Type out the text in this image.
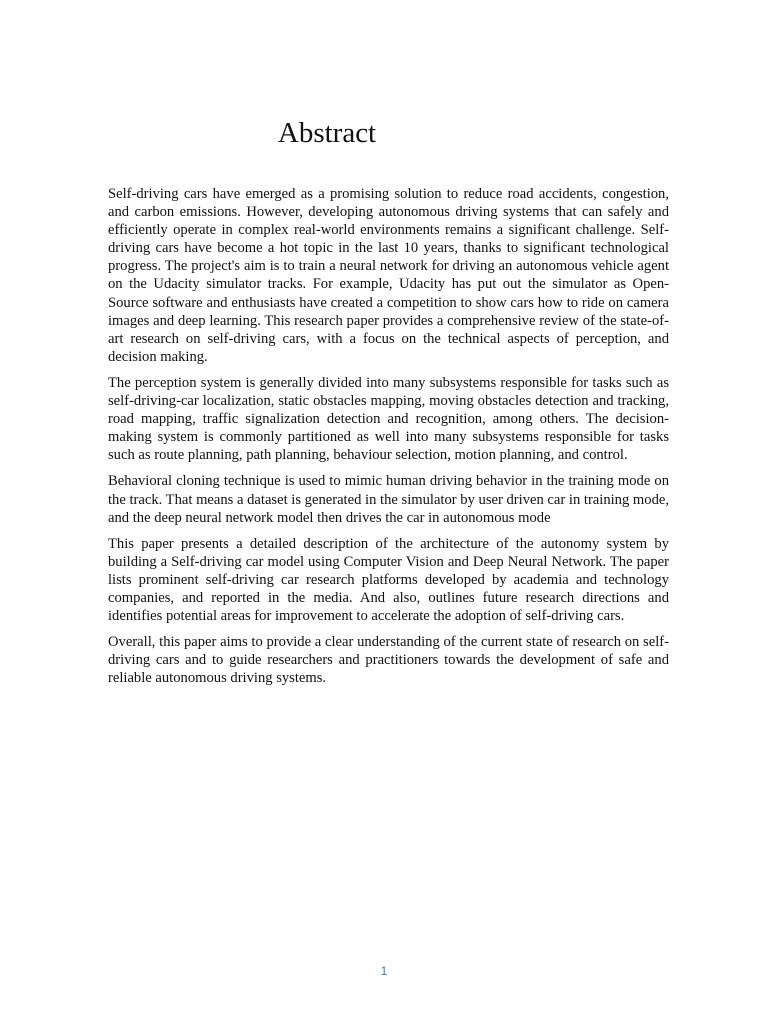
Abstract

Self-driving cars have emerged as a promising solution to reduce road accidents, congestion, and carbon emissions. However, developing autonomous driving systems that can safely and efficiently operate in complex real-world environments remains a significant challenge. Self-driving cars have become a hot topic in the last 10 years, thanks to significant technological progress. The project's aim is to train a neural network for driving an autonomous vehicle agent on the Udacity simulator tracks. For example, Udacity has put out the simulator as Open-Source software and enthusiasts have created a competition to show cars how to ride on camera images and deep learning. This research paper provides a comprehensive review of the state-of-art research on self-driving cars, with a focus on the technical aspects of perception, and decision making.

The perception system is generally divided into many subsystems responsible for tasks such as self-driving-car localization, static obstacles mapping, moving obstacles detection and tracking, road mapping, traffic signalization detection and recognition, among others. The decision-making system is commonly partitioned as well into many subsystems responsible for tasks such as route planning, path planning, behaviour selection, motion planning, and control.

Behavioral cloning technique is used to mimic human driving behavior in the training mode on the track. That means a dataset is generated in the simulator by user driven car in training mode, and the deep neural network model then drives the car in autonomous mode

This paper presents a detailed description of the architecture of the autonomy system by building a Self-driving car model using Computer Vision and Deep Neural Network. The paper lists prominent self-driving car research platforms developed by academia and technology companies, and reported in the media. And also, outlines future research directions and identifies potential areas for improvement to accelerate the adoption of self-driving cars.

Overall, this paper aims to provide a clear understanding of the current state of research on self-driving cars and to guide researchers and practitioners towards the development of safe and reliable autonomous driving systems.

1
